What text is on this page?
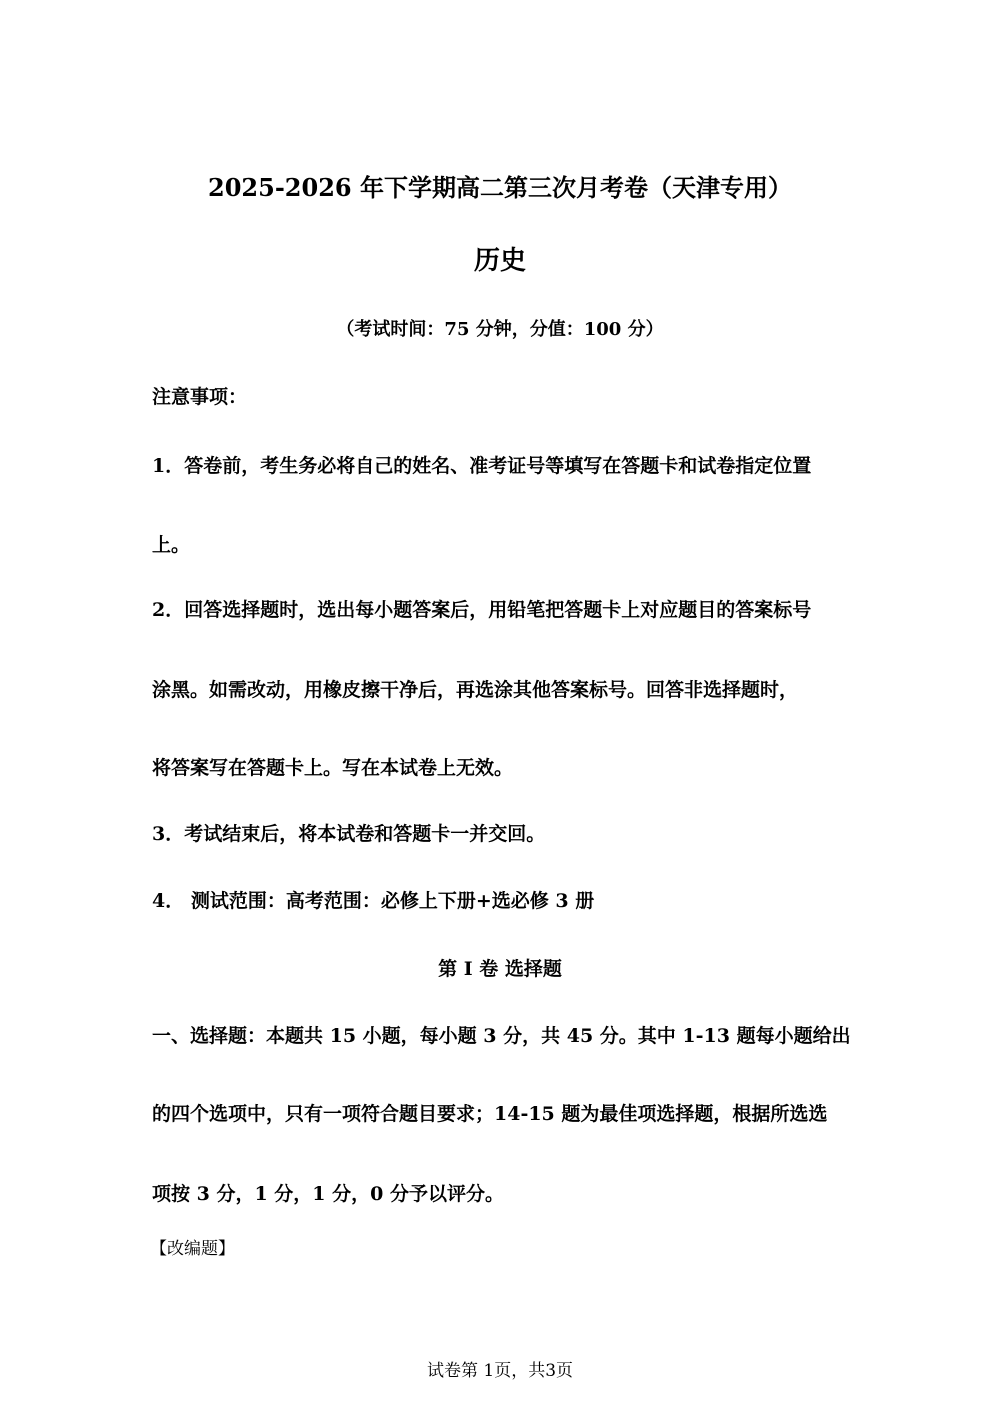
2025-2026 年下学期高二第三次月考卷（天津专用）
历史
（考试时间：75 分钟，分值：100 分）
注意事项：
1．答卷前，考生务必将自己的姓名、准考证号等填写在答题卡和试卷指定位置
上。
2．回答选择题时，选出每小题答案后，用铅笔把答题卡上对应题目的答案标号
涂黑。如需改动，用橡皮擦干净后，再选涂其他答案标号。回答非选择题时，
将答案写在答题卡上。写在本试卷上无效。
3．考试结束后，将本试卷和答题卡一并交回。
4． 测试范围：高考范围：必修上下册+选必修 3 册
第 Ⅰ 卷 选择题
一、选择题：本题共 15 小题，每小题 3 分，共 45 分。其中 1-13 题每小题给出
的四个选项中，只有一项符合题目要求；14-15 题为最佳项选择题，根据所选选
项按 3 分，1 分，1 分，0 分予以评分。
【改编题】
试卷第 1页，共3页
